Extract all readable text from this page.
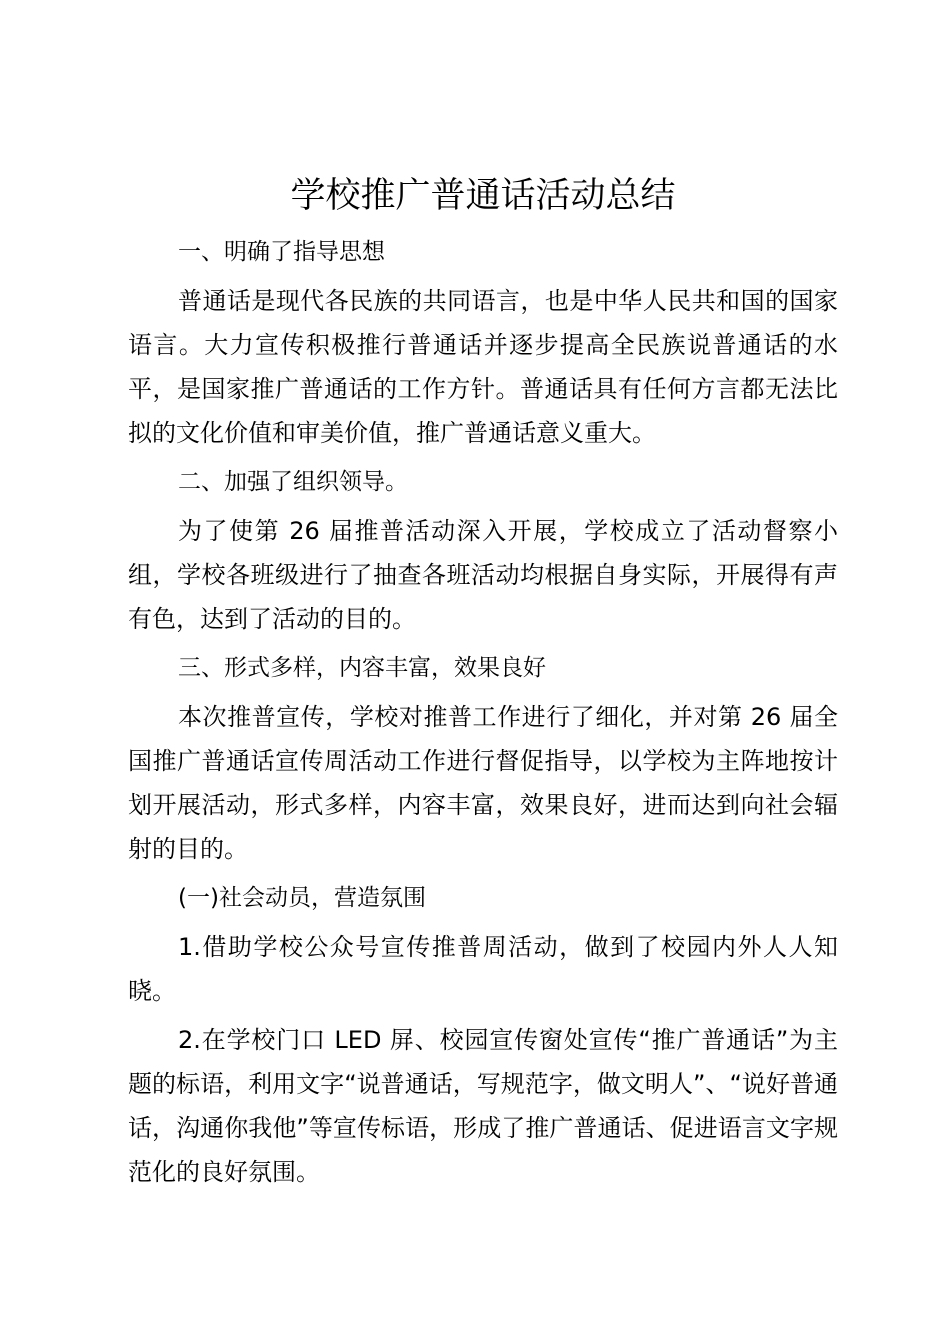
学校推广普通话活动总结

一、明确了指导思想

普通话是现代各民族的共同语言，也是中华人民共和国的国家语言。大力宣传积极推行普通话并逐步提高全民族说普通话的水平，是国家推广普通话的工作方针。普通话具有任何方言都无法比拟的文化价值和审美价值，推广普通话意义重大。

二、加强了组织领导。

为了使第 26 届推普活动深入开展，学校成立了活动督察小组，学校各班级进行了抽查各班活动均根据自身实际，开展得有声有色，达到了活动的目的。

三、形式多样，内容丰富，效果良好

本次推普宣传，学校对推普工作进行了细化，并对第 26 届全国推广普通话宣传周活动工作进行督促指导，以学校为主阵地按计划开展活动，形式多样，内容丰富，效果良好，进而达到向社会辐射的目的。

(一)社会动员，营造氛围

1.借助学校公众号宣传推普周活动，做到了校园内外人人知晓。

2.在学校门口 LED 屏、校园宣传窗处宣传“推广普通话”为主题的标语，利用文字“说普通话，写规范字，做文明人”、“说好普通话，沟通你我他”等宣传标语，形成了推广普通话、促进语言文字规范化的良好氛围。
